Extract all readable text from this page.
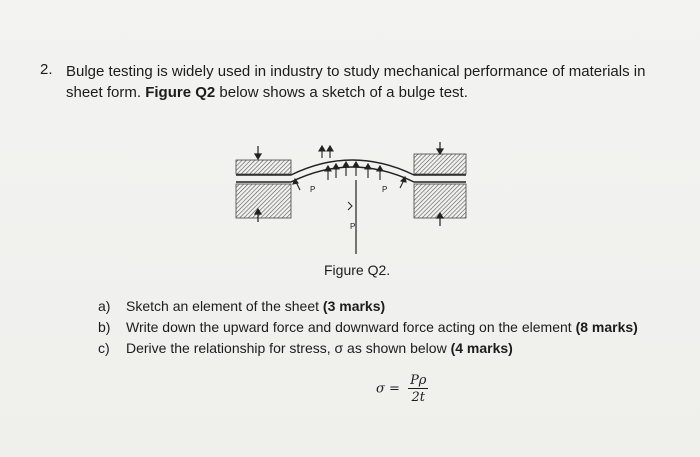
2. Bulge testing is widely used in industry to study mechanical performance of materials in sheet form. Figure Q2 below shows a sketch of a bulge test.
P	P
P
Figure Q2.
a)	Sketch an element of the sheet (3 marks)
b)	Write down the upward force and downward force acting on the element (8 marks)
c)	Derive the relationship for stress, σ as shown below (4 marks)
$\sigma = \frac{P\rho}{2t}$
